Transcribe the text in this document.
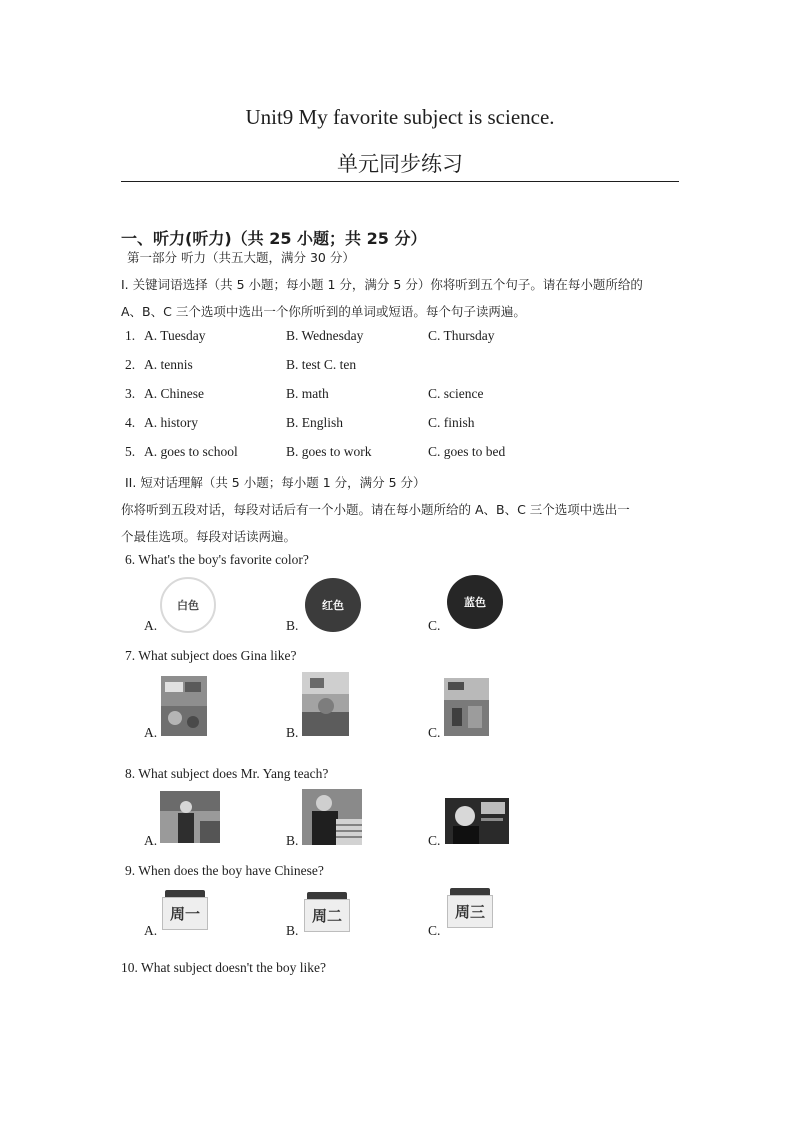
Unit9 My favorite subject is science.
单元同步练习
一、听力(听力)（共 25 小题；共 25 分）
第一部分 听力（共五大题，满分 30 分）
I. 关键词语选择（共 5 小题；每小题 1 分，满分 5 分）你将听到五个句子。请在每小题所给的
A、B、C 三个选项中选出一个你所听到的单词或短语。每个句子读两遍。
1. A. Tuesday	B. Wednesday	C. Thursday
2. A. tennis	B. test C. ten
3. A. Chinese	B. math	C. science
4. A. history	B. English	C. finish
5. A. goes to school	B. goes to work	C. goes to bed
II. 短对话理解（共 5 小题；每小题 1 分，满分 5 分）
你将听到五段对话，每段对话后有一个小题。请在每小题所给的 A、B、C 三个选项中选出一
个最佳选项。每段对话读两遍。
6. What's the boy's favorite color?
白色
A.
红色
B.
蓝色
C.
7. What subject does Gina like?
A.	B.	C.
8. What subject does Mr. Yang teach?
A.	B.	C.
9. When does the boy have Chinese?
周一
A.
周二
B.
周三
C.
10. What subject doesn't the boy like?
